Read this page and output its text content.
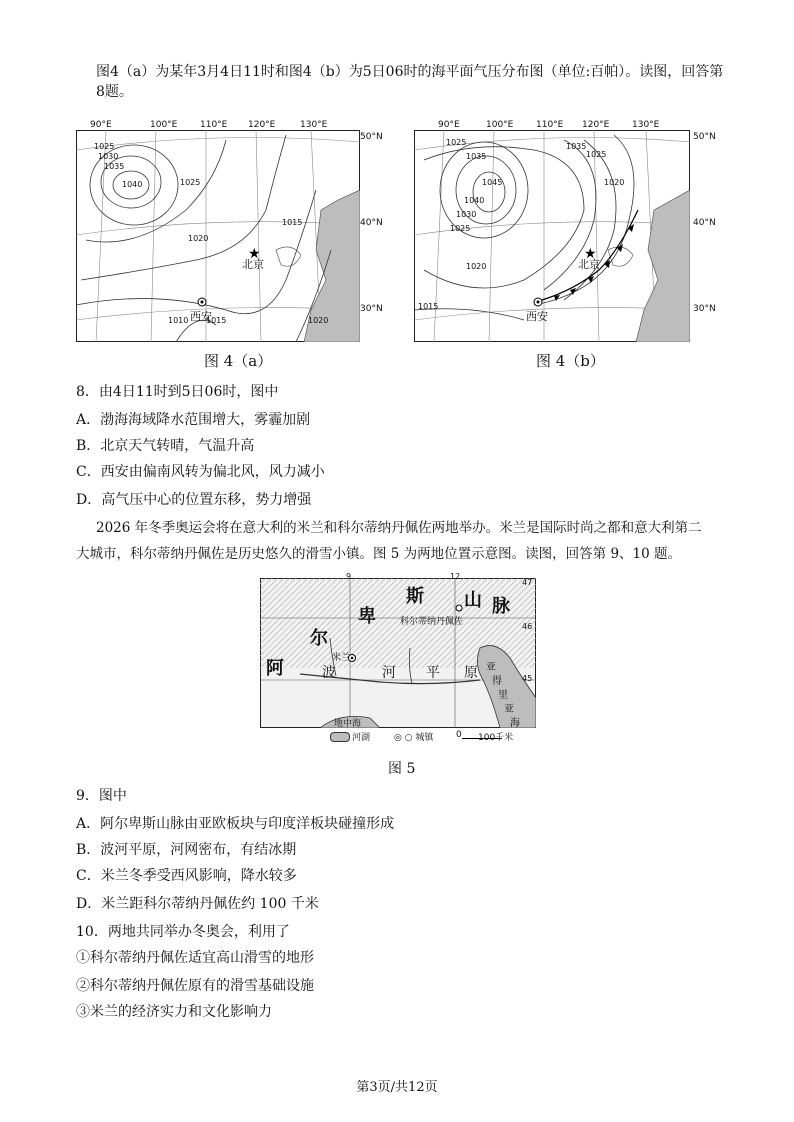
图4（a）为某年3月4日11时和图4（b）为5日06时的海平面气压分布图（单位:百帕）。读图，回答第8题。
★
90°E	100°E	110°E 120°E	130°E
50°N
40°N
30°N
1025
1030
1035
1040	1025
1020
1015
1010 1015	1020
北京
西安
图 4（a）
★
90°E	100°E	110°E 120°E	130°E
50°N
40°N
30°N
1025
1035
1045
1040
1030
1025
1035
1025
1020
1020
1015
北京
西安
图 4（b）
8．由4日11时到5日06时，图中
A．渤海海域降水范围增大，雾霾加剧
B．北京天气转晴，气温升高
C．西安由偏南风转为偏北风，风力减小
D．高气压中心的位置东移，势力增强
2026 年冬季奥运会将在意大利的米兰和科尔蒂纳丹佩佐两地举办。米兰是国际时尚之都和意大利第二
大城市，科尔蒂纳丹佩佐是历史悠久的滑雪小镇。图 5 为两地位置示意图。读图，回答第 9、10 题。
9	12
47
46
45
斯 山 脉
卑
尔
阿	波	河 平 原 亚
得
里
亚
海
科尔蒂纳丹佩佐
米兰
地中海
河湖	◎ ○ 城镇	0 100千米
图 5
9．图中
A．阿尔卑斯山脉由亚欧板块与印度洋板块碰撞形成
B．波河平原，河网密布，有结冰期
C．米兰冬季受西风影响，降水较多
D．米兰距科尔蒂纳丹佩佐约 100 千米
10．两地共同举办冬奥会，利用了
①科尔蒂纳丹佩佐适宜高山滑雪的地形
②科尔蒂纳丹佩佐原有的滑雪基础设施
③米兰的经济实力和文化影响力
第3页/共12页
